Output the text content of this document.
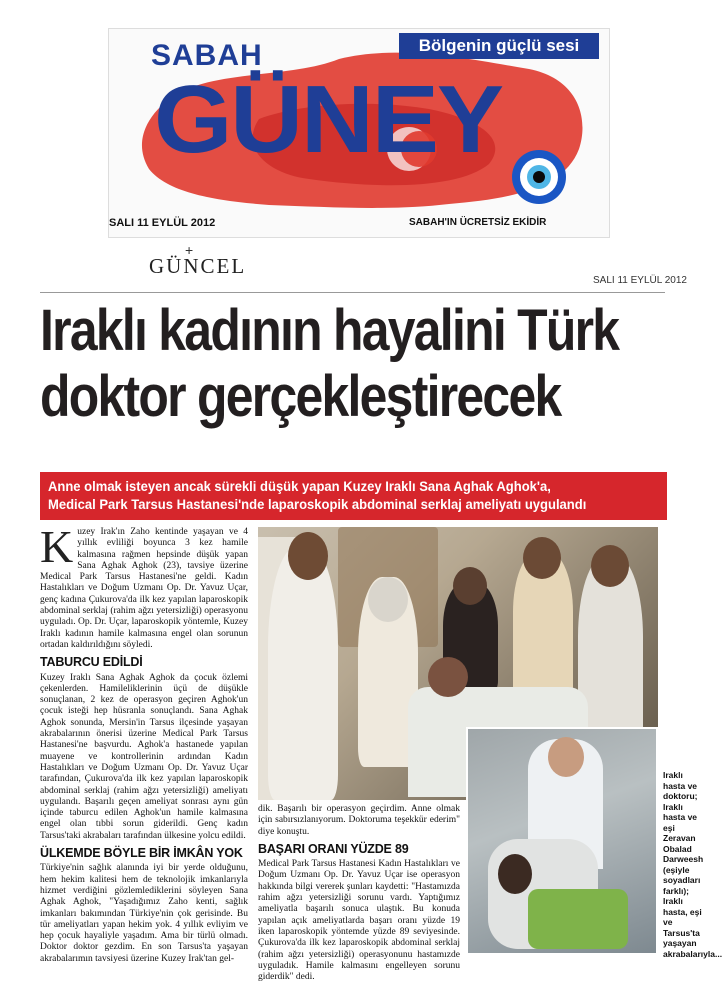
Bölgenin güçlü sesi
SABAH
GÜNEY
SALI 11 EYLÜL 2012	SABAH'IN ÜCRETSİZ EKİDİR
+
GÜNCEL
SALI 11 EYLÜL 2012
Iraklı kadının hayalini Türk
doktor gerçekleştirecek
Anne olmak isteyen ancak sürekli düşük yapan Kuzey Iraklı Sana Aghak Aghok'a,
Medical Park Tarsus Hastanesi'nde laparoskopik abdominal serklaj ameliyatı uygulandı

Kuzey Irak'ın Zaho kentinde yaşayan ve 4 yıllık evliliği boyunca 3 kez hamile kalmasına rağmen hepsinde düşük yapan Sana Aghak Aghok (23), tavsiye üzerine Medical Park Tarsus Hastanesi'ne geldi. Kadın Hastalıkları ve Doğum Uzmanı Op. Dr. Yavuz Uçar, genç kadına Çukurova'da ilk kez yapılan laparoskopik abdominal serklaj (rahim ağzı yetersizliği) operasyonu uyguladı. Op. Dr. Uçar, laparoskopik yöntemle, Kuzey Iraklı kadının hamile kalmasına engel olan sorunun ortadan kaldırıldığını söyledi.

TABURCU EDİLDİ

Kuzey Iraklı Sana Aghak Aghok da çocuk özlemi çekenlerden. Hamileliklerinin üçü de düşükle sonuçlanan, 2 kez de operasyon geçiren Aghok'un çocuk isteği hep hüsranla sonuçlandı. Sana Aghak Aghok sonunda, Mersin'in Tarsus ilçesinde yaşayan akrabalarının önerisi üzerine Medical Park Tarsus Hastanesi'ne başvurdu. Aghok'a hastanede yapılan muayene ve kontrollerinin ardından Kadın Hastalıkları ve Doğum Uzmanı Op. Dr. Yavuz Uçar tarafından, Çukurova'da ilk kez yapılan laparoskopik abdominal serklaj (rahim ağzı yetersizliği) ameliyatı uygulandı. Başarılı geçen ameliyat sonrası aynı gün içinde taburcu edilen Aghok'un hamile kalmasına engel olan tıbbi sorun giderildi. Genç kadın Tarsus'taki akrabaları tarafından ülkesine yolcu edildi.

ÜLKEMDE BÖYLE BİR İMKÂN YOK

Türkiye'nin sağlık alanında iyi bir yerde olduğunu, hem hekim kalitesi hem de teknolojik imkanlarıyla hizmet verdiğini gözlemlediklerini söyleyen Sana Aghak Aghok, "Yaşadığımız Zaho kenti, sağlık imkanları bakımından Türkiye'nin çok gerisinde. Bu tür ameliyatları yapan hekim yok. 4 yıllık evliyim ve hep çocuk hayaliyle yaşadım. Ama bir türlü olmadı. Doktor doktor gezdim. En son Tarsus'ta yaşayan akrabalarımın tavsiyesi üzerine Kuzey Irak'tan gel-

dik. Başarılı bir operasyon geçirdim. Anne olmak için sabırsızlanıyorum. Doktoruma teşekkür ederim" diye konuştu.

BAŞARI ORANI YÜZDE 89

Medical Park Tarsus Hastanesi Kadın Hastalıkları ve Doğum Uzmanı Op. Dr. Yavuz Uçar ise operasyon hakkında bilgi vererek şunları kaydetti: "Hastamızda rahim ağzı yetersizliği sorunu vardı. Yaptığımız ameliyatla başarılı sonuca ulaştık. Bu konuda yapılan açık ameliyatlarda başarı oranı yüzde 19 iken laparoskopik yöntemde yüzde 89 seviyesinde. Çukurova'da ilk kez laparoskopik abdominal serklaj (rahim ağzı yetersizliği) operasyonunu hastamızde uyguladık. Hamile kalmasını engelleyen sorunu giderdik" dedi.

Iraklı hasta ve doktoru; Iraklı hasta ve eşi Zeravan Obalad Darweesh (eşiyle soyadları farklı); Iraklı hasta, eşi ve Tarsus'ta yaşayan akrabalarıyla...
